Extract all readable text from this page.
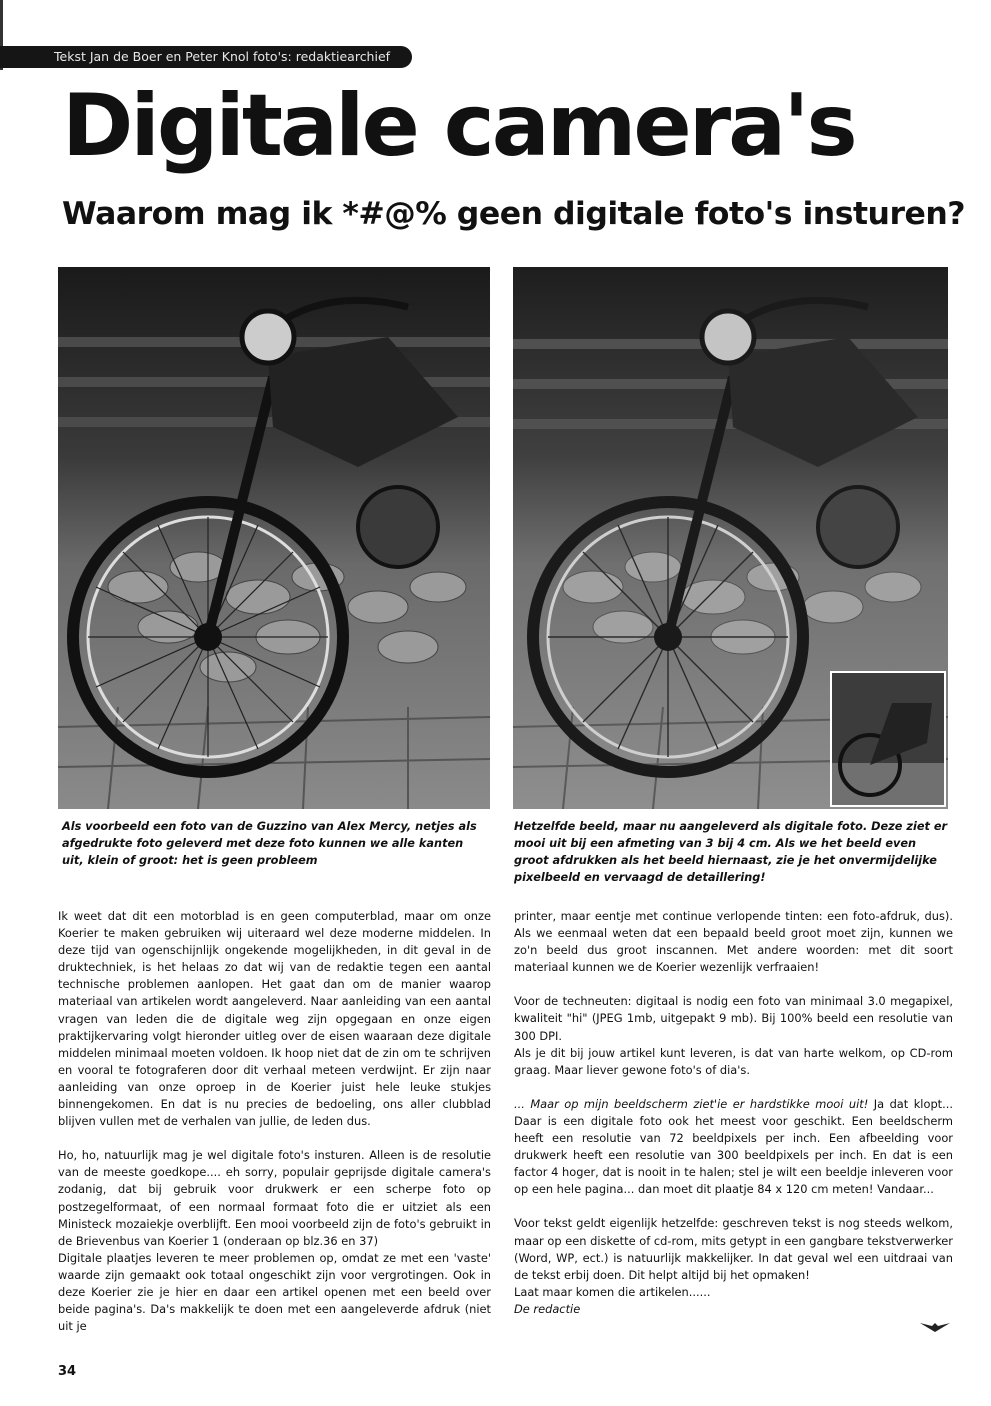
Tekst Jan de Boer en Peter Knol foto's: redaktiearchief
Digitale camera's
Waarom mag ik *#@% geen digitale foto's insturen?
Als voorbeeld een foto van de Guzzino van Alex Mercy, netjes als afgedrukte foto geleverd met deze foto kunnen we alle kanten uit, klein of groot: het is geen probleem
Hetzelfde beeld, maar nu aangeleverd als digitale foto. Deze ziet er mooi uit bij een afmeting van 3 bij 4 cm. Als we het beeld even groot afdrukken als het beeld hiernaast, zie je het onvermijdelijke pixelbeeld en vervaagd de detaillering!

Ik weet dat dit een motorblad is en geen computerblad, maar om onze Koerier te maken gebruiken wij uiteraard wel deze moderne middelen. In deze tijd van ogenschijnlijk ongekende mogelijkheden, in dit geval in de druktechniek, is het helaas zo dat wij van de redaktie tegen een aantal technische problemen aanlopen. Het gaat dan om de manier waarop materiaal van artikelen wordt aangeleverd. Naar aanleiding van een aantal vragen van leden die de digitale weg zijn opgegaan en onze eigen praktijkervaring volgt hieronder uitleg over de eisen waaraan deze digitale middelen minimaal moeten voldoen. Ik hoop niet dat de zin om te schrijven en vooral te fotograferen door dit verhaal meteen verdwijnt. Er zijn naar aanleiding van onze oproep in de Koerier juist hele leuke stukjes binnengekomen. En dat is nu precies de bedoeling, ons aller clubblad blijven vullen met de verhalen van jullie, de leden dus.

Ho, ho, natuurlijk mag je wel digitale foto's insturen. Alleen is de resolutie van de meeste goedkope.... eh sorry, populair geprijsde digitale camera's zodanig, dat bij gebruik voor drukwerk er een scherpe foto op postzegelformaat, of een normaal formaat foto die er uitziet als een Ministeck mozaiekje overblijft. Een mooi voorbeeld zijn de foto's gebruikt in de Brievenbus van Koerier 1 (onderaan op blz.36 en 37)

Digitale plaatjes leveren te meer problemen op, omdat ze met een 'vaste' waarde zijn gemaakt ook totaal ongeschikt zijn voor vergrotingen. Ook in deze Koerier zie je hier en daar een artikel openen met een beeld over beide pagina's. Da's makkelijk te doen met een aangeleverde afdruk (niet uit je

printer, maar eentje met continue verlopende tinten: een foto-afdruk, dus). Als we eenmaal weten dat een bepaald beeld groot moet zijn, kunnen we zo'n beeld dus groot inscannen. Met andere woorden: met dit soort materiaal kunnen we de Koerier wezenlijk verfraaien!

Voor de techneuten: digitaal is nodig een foto van minimaal 3.0 megapixel, kwaliteit "hi" (JPEG 1mb, uitgepakt 9 mb). Bij 100% beeld een resolutie van 300 DPI.

Als je dit bij jouw artikel kunt leveren, is dat van harte welkom, op CD-rom graag. Maar liever gewone foto's of dia's.

... Maar op mijn beeldscherm ziet'ie er hardstikke mooi uit! Ja dat klopt... Daar is een digitale foto ook het meest voor geschikt. Een beeldscherm heeft een resolutie van 72 beeldpixels per inch. Een afbeelding voor drukwerk heeft een resolutie van 300 beeldpixels per inch. En dat is een factor 4 hoger, dat is nooit in te halen; stel je wilt een beeldje inleveren voor op een hele pagina... dan moet dit plaatje 84 x 120 cm meten! Vandaar...

Voor tekst geldt eigenlijk hetzelfde: geschreven tekst is nog steeds welkom, maar op een diskette of cd-rom, mits getypt in een gangbare tekstverwerker (Word, WP, ect.) is natuurlijk makkelijker. In dat geval wel een uitdraai van de tekst erbij doen. Dit helpt altijd bij het opmaken!

Laat maar komen die artikelen......

De redactie

34
